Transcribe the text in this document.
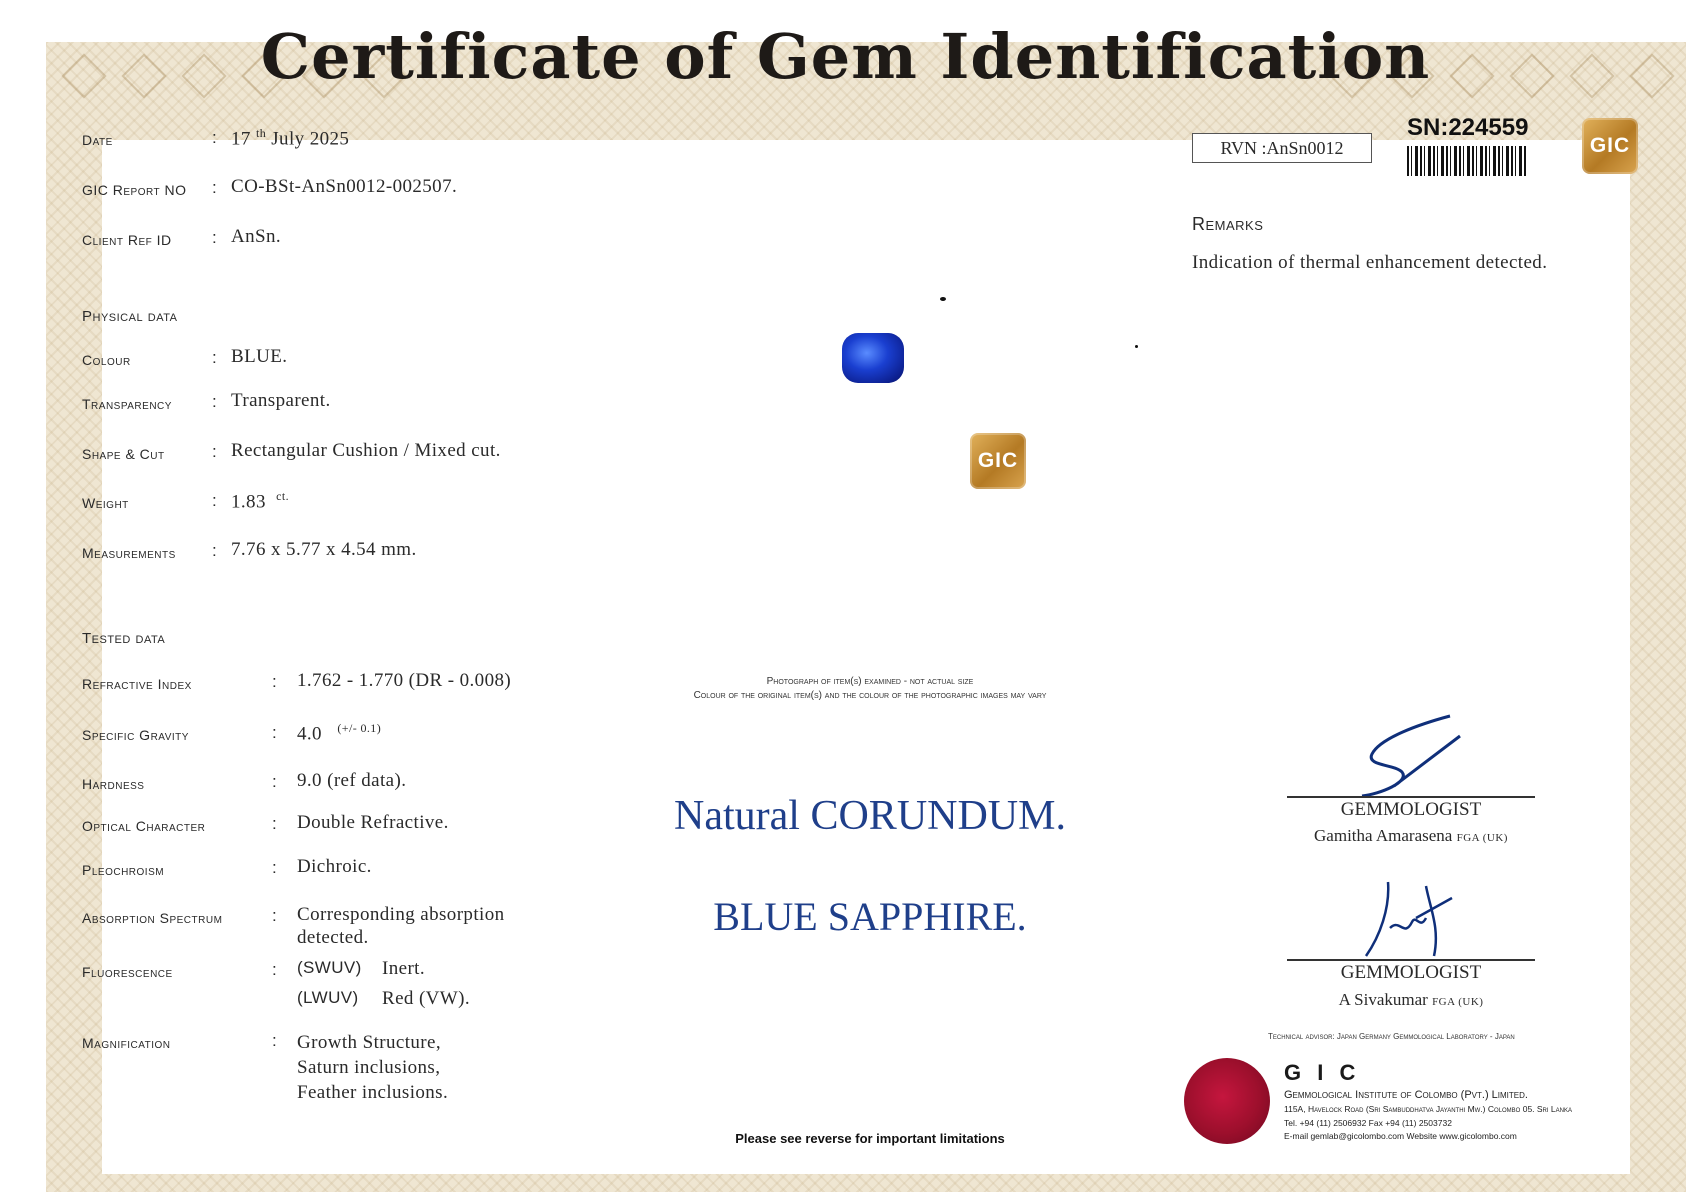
Certificate of Gem Identification
Date	: 17 $^{th}$ July 2025
GIC Report NO : CO-BSt-AnSn0012-002507.
Client Ref ID : AnSn.
Physical data
Colour	: BLUE.
Transparency : Transparent.
Shape & Cut	: Rectangular Cushion / Mixed cut.
Weight	: 1.83 $^{ct.}$
Measurements : 7.76 x 5.77 x 4.54 mm.
Tested data
Refractive Index	: 1.762 - 1.770 (DR - 0.008)
Specific Gravity	: 4.0 $^{(+/- 0.1)}$
Hardness	: 9.0 (ref data).
Optical Character	: Double Refractive.
Pleochroism	: Dichroic.
Absorption Spectrum	: Corresponding absorption
detected.
Fluorescence	: (SWUV) Inert.
(LWUV) Red (VW).
Magnification	: Growth Structure,
Saturn inclusions,
Feather inclusions.
GIC
Photograph of item(s) examined - not actual size
Colour of the original item(s) and the colour of the photographic images may vary
Natural CORUNDUM.
BLUE SAPPHIRE.
Please see reverse for important limitations
RVN :AnSn0012
SN:224559
GIC
Remarks
Indication of thermal enhancement detected.
GEMMOLOGIST
Gamitha Amarasena FGA (UK)
GEMMOLOGIST
A Sivakumar FGA (UK)
Technical advisor: Japan Germany Gemmological Laboratory - Japan
G I C
Gemmological Institute of Colombo (Pvt.) Limited.
115A, Havelock Road (Sri Sambuddhatva Jayanthi Mw.) Colombo 05. Sri Lanka
Tel. +94 (11) 2506932 Fax +94 (11) 2503732
E-mail gemlab@gicolombo.com Website www.gicolombo.com
